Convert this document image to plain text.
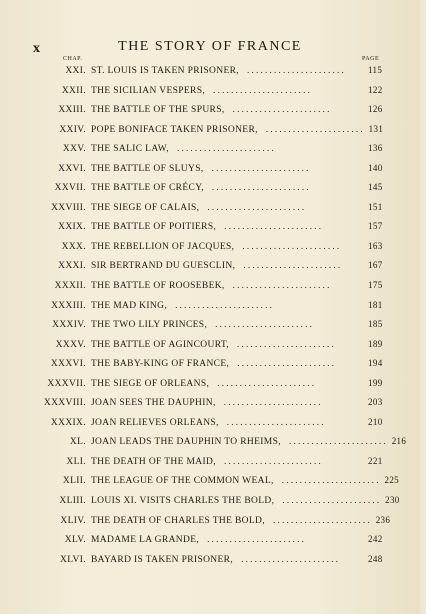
x	THE STORY OF FRANCE
CHAP.	PAGE
XXI. ST. LOUIS IS TAKEN PRISONER, . . . . . . . . . . . . . . . . . . . . . .	115
XXII. THE SICILIAN VESPERS, . . . . . . . . . . . . . . . . . . . . . .	122
XXIII. THE BATTLE OF THE SPURS, . . . . . . . . . . . . . . . . . . . . . .	126
XXIV. POPE BONIFACE TAKEN PRISONER, . . . . . . . . . . . . . . . . . . . . . . 131
XXV. THE SALIC LAW, . . . . . . . . . . . . . . . . . . . . . .	136
XXVI. THE BATTLE OF SLUYS, . . . . . . . . . . . . . . . . . . . . . .	140
XXVII. THE BATTLE OF CRÉCY, . . . . . . . . . . . . . . . . . . . . . .	145
XXVIII. THE SIEGE OF CALAIS, . . . . . . . . . . . . . . . . . . . . . .	151
XXIX. THE BATTLE OF POITIERS, . . . . . . . . . . . . . . . . . . . . . .	157
XXX. THE REBELLION OF JACQUES, . . . . . . . . . . . . . . . . . . . . . .	163
XXXI. SIR BERTRAND DU GUESCLIN, . . . . . . . . . . . . . . . . . . . . . .	167
XXXII. THE BATTLE OF ROOSEBEK, . . . . . . . . . . . . . . . . . . . . . .	175
XXXIII. THE MAD KING, . . . . . . . . . . . . . . . . . . . . . .	181
XXXIV. THE TWO LILY PRINCES, . . . . . . . . . . . . . . . . . . . . . .	185
XXXV. THE BATTLE OF AGINCOURT, . . . . . . . . . . . . . . . . . . . . . .	189
XXXVI. THE BABY-KING OF FRANCE, . . . . . . . . . . . . . . . . . . . . . .	194
XXXVII. THE SIEGE OF ORLEANS, . . . . . . . . . . . . . . . . . . . . . .	199
XXXVIII. JOAN SEES THE DAUPHIN, . . . . . . . . . . . . . . . . . . . . . .	203
XXXIX. JOAN RELIEVES ORLEANS, . . . . . . . . . . . . . . . . . . . . . .	210
XL. JOAN LEADS THE DAUPHIN TO RHEIMS, . . . . . . . . . . . . . . . . . . . . . . 216
XLI. THE DEATH OF THE MAID, . . . . . . . . . . . . . . . . . . . . . .	221
XLII. THE LEAGUE OF THE COMMON WEAL, . . . . . . . . . . . . . . . . . . . . . . 225
XLIII. LOUIS XI. VISITS CHARLES THE BOLD, . . . . . . . . . . . . . . . . . . . . . . 230
XLIV. THE DEATH OF CHARLES THE BOLD, . . . . . . . . . . . . . . . . . . . . . . 236
XLV. MADAME LA GRANDE, . . . . . . . . . . . . . . . . . . . . . .	242
XLVI. BAYARD IS TAKEN PRISONER, . . . . . . . . . . . . . . . . . . . . . .	248
